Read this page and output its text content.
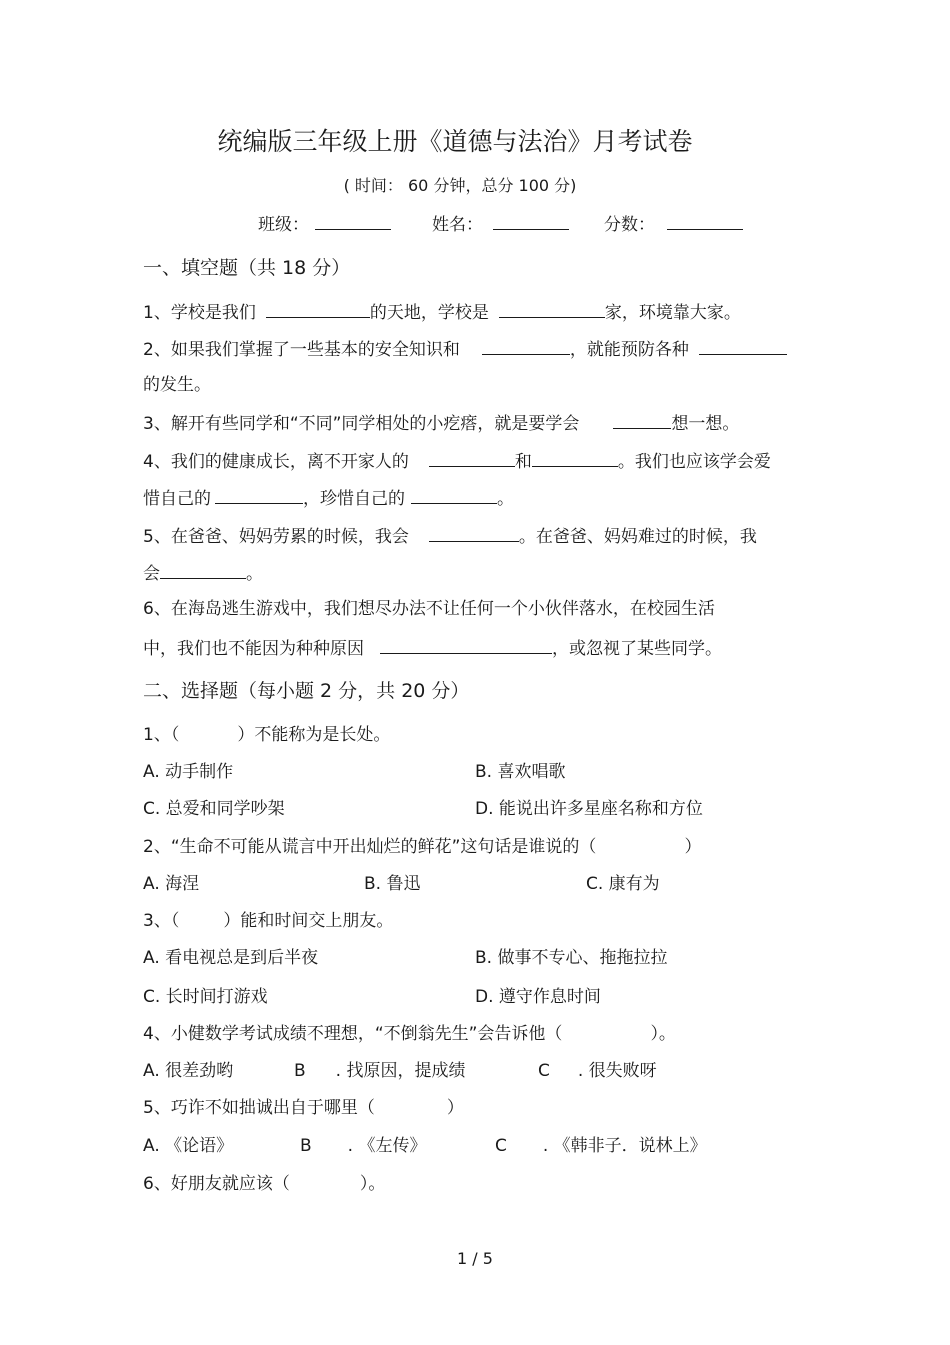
统编版三年级上册《道德与法治》月考试卷
( 时间： 60 分钟，总分 100 分)
班级：	姓名：	分数：
一、填空题（共 18 分）
1、学校是我们	的天地，学校是	家，环境靠大家。
2、如果我们掌握了一些基本的安全知识和	，就能预防各种
的发生。
3、解开有些同学和“不同”同学相处的小疙瘩，就是要学会	想一想。
4、我们的健康成长，离不开家人的	和	。我们也应该学会爱
惜自己的	，珍惜自己的	。
5、在爸爸、妈妈劳累的时候，我会	。在爸爸、妈妈难过的时候，我
会	。
6、在海岛逃生游戏中，我们想尽办法不让任何一个小伙伴落水，在校园生活
中，我们也不能因为种种原因	，或忽视了某些同学。
二、选择题（每小题 2 分，共 20 分）
1、（	）不能称为是长处。
A. 动手制作	B. 喜欢唱歌
C. 总爱和同学吵架	D. 能说出许多星座名称和方位
2、“生命不可能从谎言中开出灿烂的鲜花”这句话是谁说的（	）
A. 海涅	B. 鲁迅	C. 康有为
3、（	）能和时间交上朋友。
A. 看电视总是到后半夜	B. 做事不专心、拖拖拉拉
C. 长时间打游戏	D. 遵守作息时间
4、小健数学考试成绩不理想，“不倒翁先生”会告诉他（	）。
A. 很差劲哟	B . 找原因，提成绩	C . 很失败呀
5、巧诈不如拙诚出自于哪里（	）
A. 《论语》	B . 《左传》	C . 《韩非子．说林上》
6、好朋友就应该（	）。
1 / 5
